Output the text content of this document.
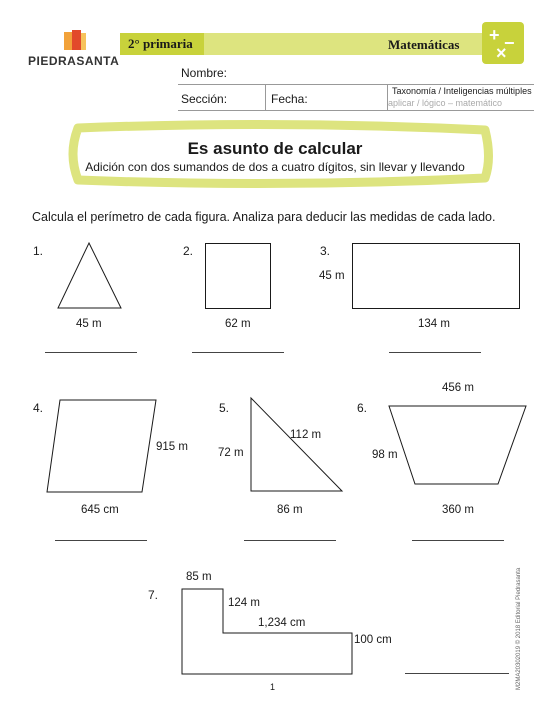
PIEDRASANTA
2° primaria	Matemáticas + −
×
Nombre:
Sección:	Fecha:
Taxonomía / Inteligencias múltiples
aplicar / lógico – matemático
Es asunto de calcular
Adición con dos sumandos de dos a cuatro dígitos, sin llevar y llevando
Calcula el perímetro de cada figura. Analiza para deducir las medidas de cada lado.
1.
45 m
2.
62 m
3.
45 m
134 m
4.
915 m
645 cm
5.
72 m
112 m
86 m
6.
456 m
98 m
360 m
7.
85 m
124 m
1,234 cm
100 cm
1	M2MA20302019 © 2018 Editorial Piedrasanta
